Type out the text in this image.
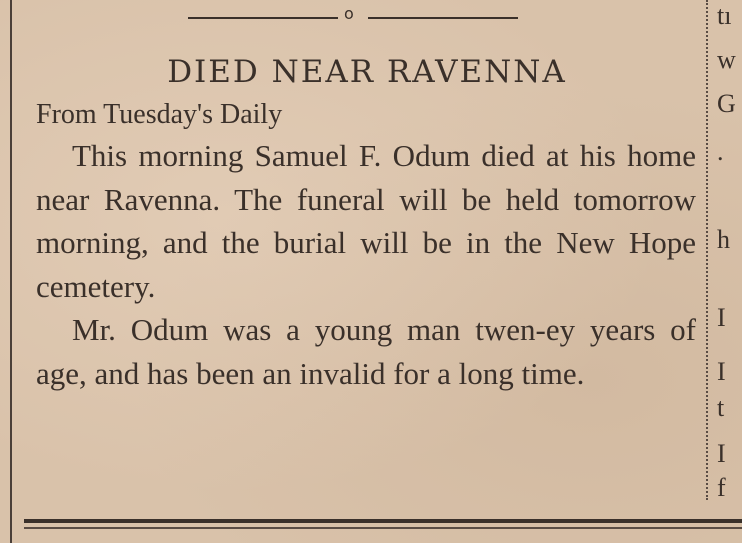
o
DIED NEAR RAVENNA
From Tuesday's Daily

This morning Samuel F. Odum died at his home near Ravenna. The funeral will be held tomorrow morning, and the burial will be in the New Hope cemetery.

Mr. Odum was a young man twen-ey years of age, and has been an invalid for a long time.

tı
w
G
.
h
I
I
t
I
f
